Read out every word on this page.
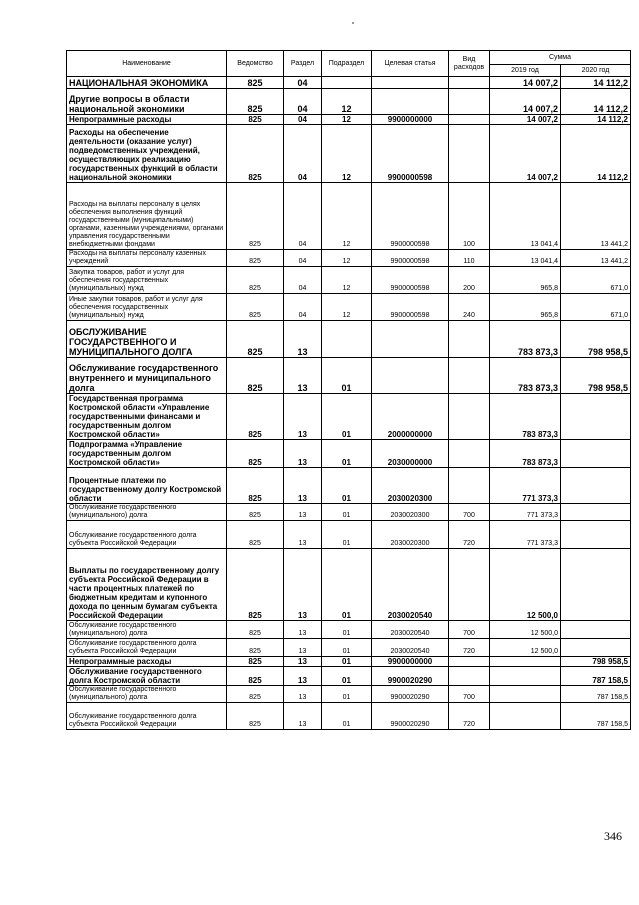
Наименование	Ведомство	Раздел	Подраздел	Целевая статья	Вид расходов	Сумма	
						2019 год	2020 год
НАЦИОНАЛЬНАЯ ЭКОНОМИКА	825	04				14 007,2	14 112,2
Другие вопросы в области национальной экономики	825	04	12			14 007,2	14 112,2
Непрограммные расходы	825	04	12	9900000000		14 007,2	14 112,2
Расходы на обеспечение деятельности (оказание услуг) подведомственных учреждений, осуществляющих реализацию государственных функций в области национальной экономики	825	04	12	9900000598		14 007,2	14 112,2
Расходы на выплаты персоналу в целях обеспечения выполнения функций государственными (муниципальными) органами, казенными учреждениями, органами управления государственными внебюджетными фондами	825	04	12	9900000598	100	13 041,4	13 441,2
Расходы на выплаты персоналу казенных учреждений	825	04	12	9900000598	110	13 041,4	13 441,2
Закупка товаров, работ и услуг для обеспечения государственных (муниципальных) нужд	825	04	12	9900000598	200	965,8	671,0
Иные закупки товаров, работ и услуг для обеспечения государственных (муниципальных) нужд	825	04	12	9900000598	240	965,8	671,0
ОБСЛУЖИВАНИЕ ГОСУДАРСТВЕННОГО И МУНИЦИПАЛЬНОГО ДОЛГА	825	13				783 873,3	798 958,5
Обслуживание государственного внутреннего и муниципального долга	825	13	01			783 873,3	798 958,5
Государственная программа Костромской области «Управление государственными финансами и государственным долгом Костромской области»	825	13	01	2000000000		783 873,3	
Подпрограмма «Управление государственным долгом Костромской области»	825	13	01	2030000000		783 873,3	
Процентные платежи по государственному долгу Костромской области	825	13	01	2030020300		771 373,3	
Обслуживание государственного (муниципального) долга	825	13	01	2030020300	700	771 373,3	
Обслуживание государственного долга субъекта Российской Федерации	825	13	01	2030020300	720	771 373,3	
Выплаты по государственному долгу субъекта Российской Федерации в части процентных платежей по бюджетным кредитам и купонного дохода по ценным бумагам субъекта Российской Федерации	825	13	01	2030020540		12 500,0	
Обслуживание государственного (муниципального) долга	825	13	01	2030020540	700	12 500,0	
Обслуживание государственного долга субъекта Российской Федерации	825	13	01	2030020540	720	12 500,0	
Непрограммные расходы	825	13	01	9900000000			798 958,5
Обслуживание государственного долга Костромской области	825	13	01	9900020290			787 158,5
Обслуживание государственного (муниципального) долга	825	13	01	9900020290	700		787 158,5
Обслуживание государственного долга субъекта Российской Федерации	825	13	01	9900020290	720		787 158,5
346
